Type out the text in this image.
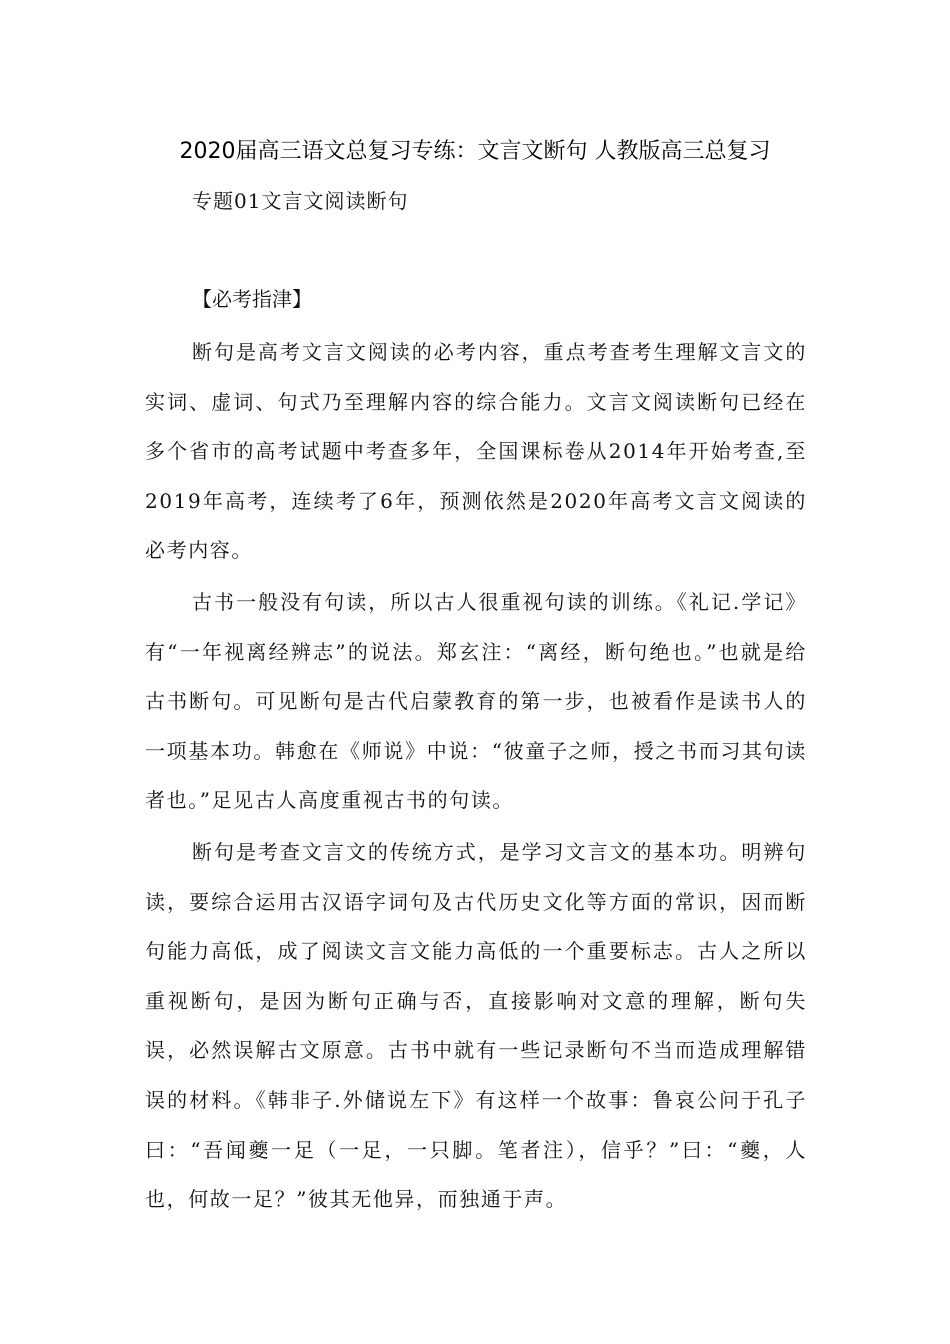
2020届高三语文总复习专练：文言文断句 人教版高三总复习
专题01文言文阅读断句
【必考指津】

断句是高考文言文阅读的必考内容，重点考查考生理解文言文的实词、虚词、句式乃至理解内容的综合能力。文言文阅读断句已经在多个省市的高考试题中考查多年，全国课标卷从2014年开始考查,至2019年高考，连续考了6年，预测依然是2020年高考文言文阅读的必考内容。

古书一般没有句读，所以古人很重视句读的训练。《礼记.学记》有“一年视离经辨志”的说法。郑玄注：“离经，断句绝也。”也就是给古书断句。可见断句是古代启蒙教育的第一步，也被看作是读书人的一项基本功。韩愈在《师说》中说：“彼童子之师，授之书而习其句读者也。”足见古人高度重视古书的句读。

断句是考查文言文的传统方式，是学习文言文的基本功。明辨句读，要综合运用古汉语字词句及古代历史文化等方面的常识，因而断句能力高低，成了阅读文言文能力高低的一个重要标志。古人之所以重视断句，是因为断句正确与否，直接影响对文意的理解，断句失误，必然误解古文原意。古书中就有一些记录断句不当而造成理解错误的材料。《韩非子.外储说左下》有这样一个故事：鲁哀公问于孔子曰：“吾闻夔一足（一足，一只脚。笔者注），信乎？”曰：“夔，人也，何故一足？”彼其无他异，而独通于声。
